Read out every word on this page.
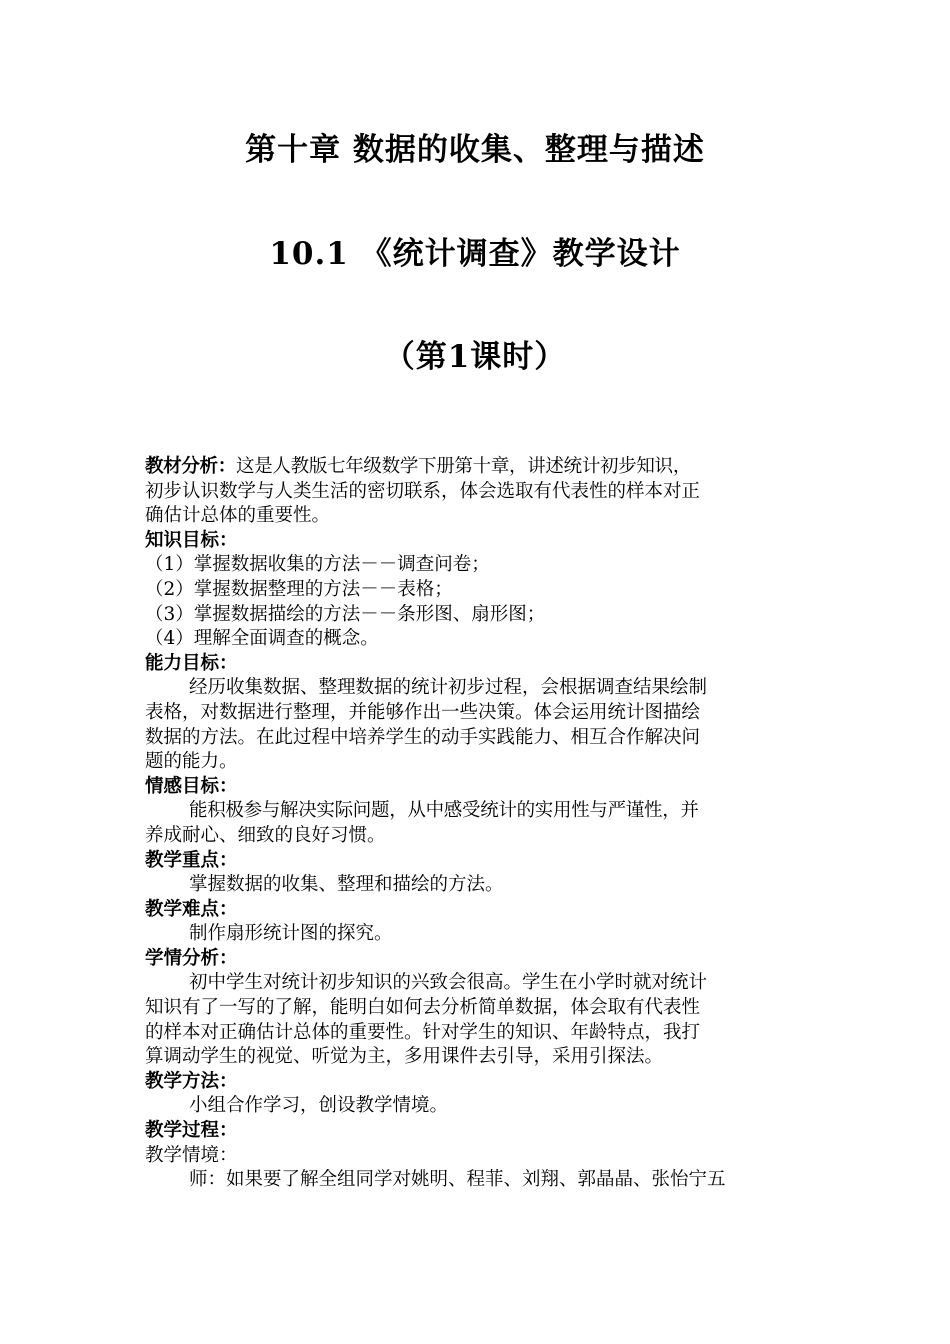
第十章 数据的收集、整理与描述
10.1 《统计调查》教学设计
（第1课时）

教材分析：这是人教版七年级数学下册第十章，讲述统计初步知识，

初步认识数学与人类生活的密切联系，体会选取有代表性的样本对正

确估计总体的重要性。

知识目标：

（1）掌握数据收集的方法－－调查问卷；

（2）掌握数据整理的方法－－表格；

（3）掌握数据描绘的方法－－条形图、扇形图；

（4）理解全面调查的概念。

能力目标：

经历收集数据、整理数据的统计初步过程，会根据调查结果绘制

表格，对数据进行整理，并能够作出一些决策。体会运用统计图描绘

数据的方法。在此过程中培养学生的动手实践能力、相互合作解决问

题的能力。

情感目标：

能积极参与解决实际问题，从中感受统计的实用性与严谨性，并

养成耐心、细致的良好习惯。

教学重点：

掌握数据的收集、整理和描绘的方法。

教学难点：

制作扇形统计图的探究。

学情分析：

初中学生对统计初步知识的兴致会很高。学生在小学时就对统计

知识有了一写的了解，能明白如何去分析简单数据，体会取有代表性

的样本对正确估计总体的重要性。针对学生的知识、年龄特点，我打

算调动学生的视觉、听觉为主，多用课件去引导，采用引探法。

教学方法：

小组合作学习，创设教学情境。

教学过程：

教学情境：

师：如果要了解全组同学对姚明、程菲、刘翔、郭晶晶、张怡宁五
